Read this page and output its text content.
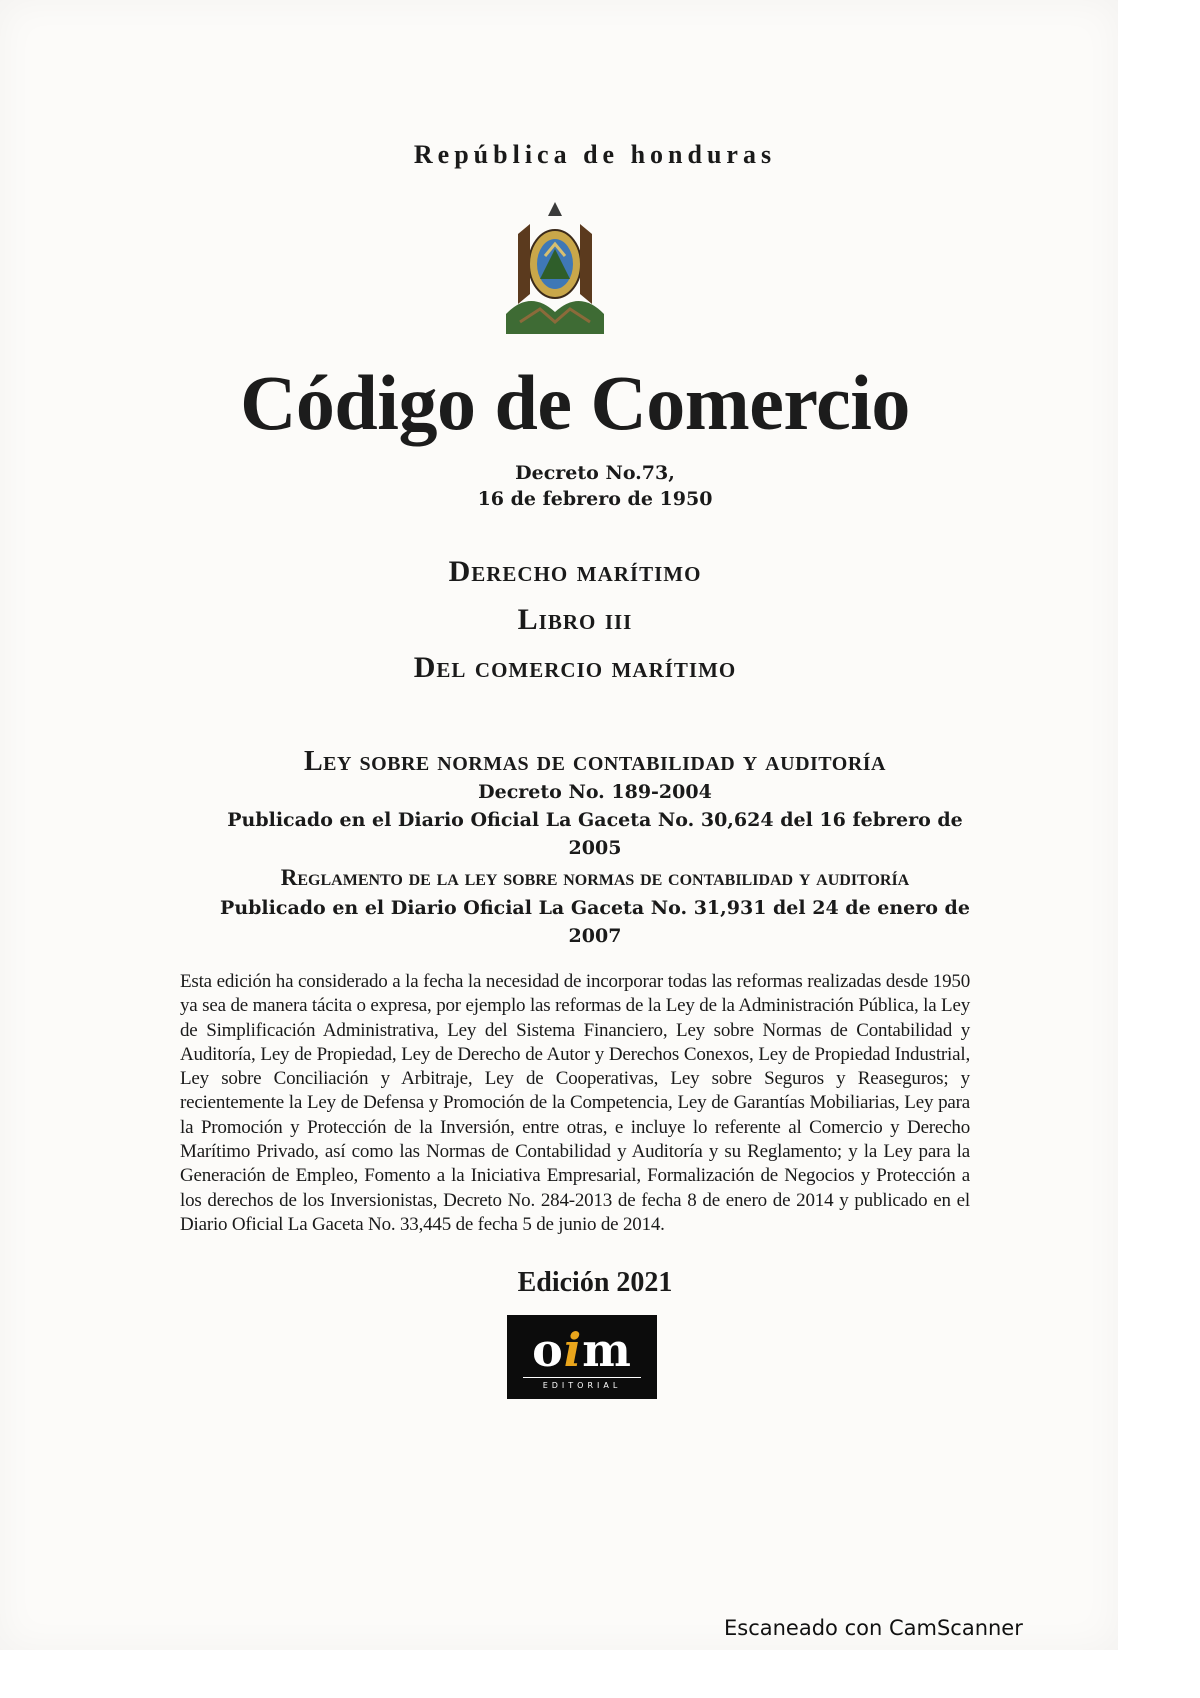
República de honduras
Código de Comercio
Decreto No.73,
16 de febrero de 1950
Derecho marítimo
Libro iii
Del comercio marítimo
Ley sobre normas de contabilidad y auditoría
Decreto No. 189-2004
Publicado en el Diario Oficial La Gaceta No. 30,624 del 16 febrero de 2005
Reglamento de la ley sobre normas de contabilidad y auditoría
Publicado en el Diario Oficial La Gaceta No. 31,931 del 24 de enero de 2007
Esta edición ha considerado a la fecha la necesidad de incorporar todas las reformas realizadas desde 1950 ya sea de manera tácita o expresa, por ejemplo las reformas de la Ley de la Administración Pública, la Ley de Simplificación Administrativa, Ley del Sistema Financiero, Ley sobre Normas de Contabilidad y Auditoría, Ley de Propiedad, Ley de Derecho de Autor y Derechos Conexos, Ley de Propiedad Industrial, Ley sobre Conciliación y Arbitraje, Ley de Cooperativas, Ley sobre Seguros y Reaseguros; y recientemente la Ley de Defensa y Promoción de la Competencia, Ley de Garantías Mobiliarias, Ley para la Promoción y Protección de la Inversión, entre otras, e incluye lo referente al Comercio y Derecho Marítimo Privado, así como las Normas de Contabilidad y Auditoría y su Reglamento; y la Ley para la Generación de Empleo, Fomento a la Iniciativa Empresarial, Formalización de Negocios y Protección a los derechos de los Inversionistas, Decreto No. 284-2013 de fecha 8 de enero de 2014 y publicado en el Diario Oficial La Gaceta No. 33,445 de fecha 5 de junio de 2014.
Edición 2021
oim
EDITORIAL
Escaneado con CamScanner
